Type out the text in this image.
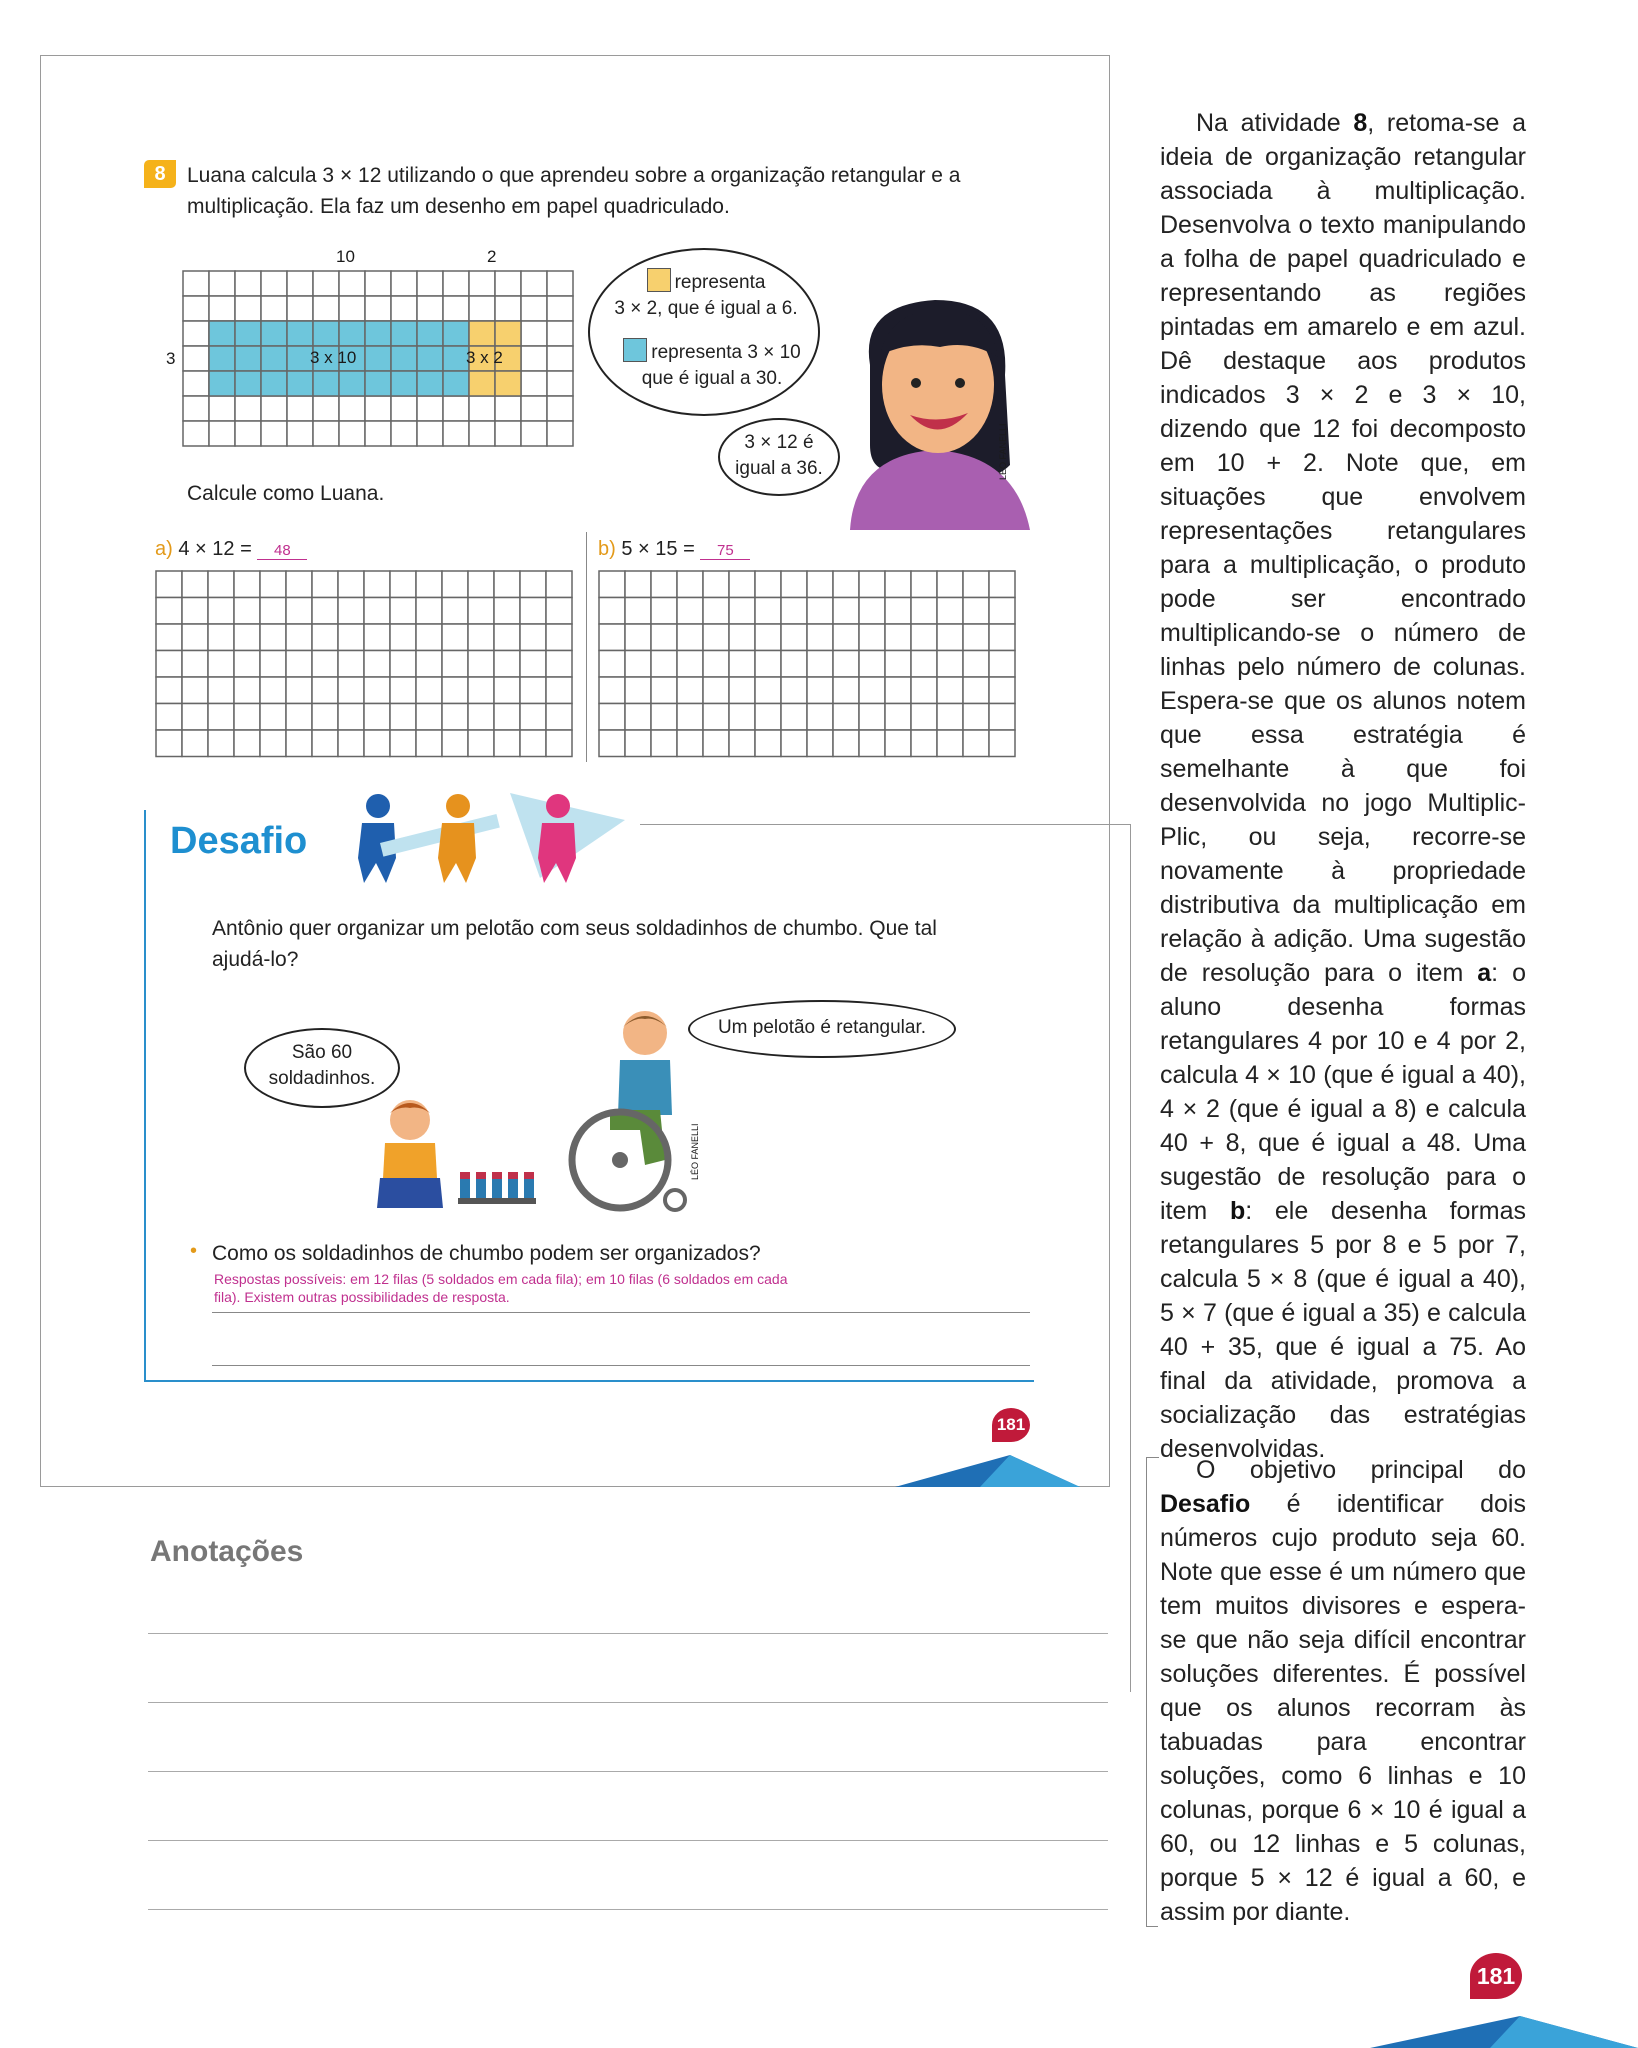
8	Luana calcula 3 × 12 utilizando o que aprendeu sobre a organização retangular e a
multiplicação. Ela faz um desenho em papel quadriculado.
10	2
3	3 x 10	3 x 2
representa
3 × 2, que é igual a 6.
representa 3 × 10
que é igual a 30.
3 × 12 é
igual a 36.	LÉO FANELLI
Calcule como Luana.
a) 4 × 12 = 48	b) 5 × 15 = 75
Desafio
Antônio quer organizar um pelotão com seus soldadinhos de chumbo. Que tal
ajudá-lo?
São 60
soldadinhos.
Um pelotão é retangular.
LÉO FANELLI
• Como os soldadinhos de chumbo podem ser organizados?
Respostas possíveis: em 12 filas (5 soldados em cada fila); em 10 filas (6 soldados em cada
fila). Existem outras possibilidades de resposta.
181
Anotações
Na atividade 8, retoma-se a ideia de organização retangular associada à multiplicação. Desenvolva o texto manipulando a folha de papel quadriculado e representando as regiões pintadas em amarelo e em azul. Dê destaque aos produtos indicados 3 × 2 e 3 × 10, dizendo que 12 foi decomposto em 10 + 2. Note que, em situações que envolvem representações retangulares para a multiplicação, o produto pode ser encontrado multiplicando-se o número de linhas pelo número de colunas. Espera-se que os alunos notem que essa estratégia é semelhante à que foi desenvolvida no jogo Multiplic-Plic, ou seja, recorre-se novamente à propriedade distributiva da multiplicação em relação à adição. Uma sugestão de resolução para o item a: o aluno desenha formas retangulares 4 por 10 e 4 por 2, calcula 4 × 10 (que é igual a 40), 4 × 2 (que é igual a 8) e calcula 40 + 8, que é igual a 48. Uma sugestão de resolução para o item b: ele desenha formas retangulares 5 por 8 e 5 por 7, calcula 5 × 8 (que é igual a 40), 5 × 7 (que é igual a 35) e calcula 40 + 35, que é igual a 75. Ao final da atividade, promova a socialização das estratégias desenvolvidas.
O objetivo principal do Desafio é identificar dois números cujo produto seja 60. Note que esse é um número que tem muitos divisores e espera-se que não seja difícil encontrar soluções diferentes. É possível que os alunos recorram às tabuadas para encontrar soluções, como 6 linhas e 10 colunas, porque 6 × 10 é igual a 60, ou 12 linhas e 5 colunas, porque 5 × 12 é igual a 60, e assim por diante.
181
